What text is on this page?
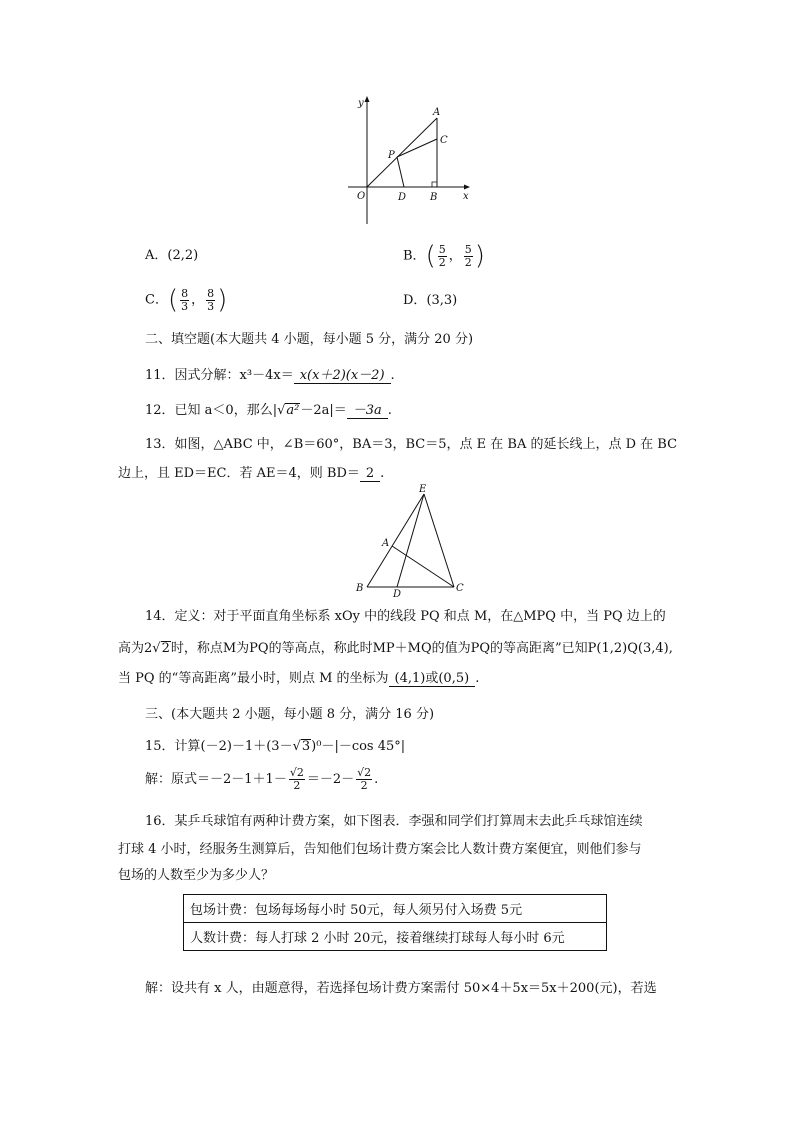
y
x
O
A
C
P
D B
A．(2,2)	B．( $\frac{5}{2}$ ， $\frac{5}{2}$ )
C．( $\frac{8}{3}$ ， $\frac{8}{3}$ )	D．(3,3)
二、填空题(本大题共 4 小题，每小题 5 分，满分 20 分)
11．因式分解：x³－4x＝ x(x＋2)(x－2) .
12．已知 a＜0，那么|√a²－2a|＝ －3a .
13．如图，△ABC 中，∠B＝60°，BA＝3，BC＝5，点 E 在 BA 的延长线上，点 D 在 BC
边上，且 ED＝EC．若 AE＝4，则 BD＝ 2 .
E
A
B
D
C
14．定义：对于平面直角坐标系 xOy 中的线段 PQ 和点 M，在△MPQ 中，当 PQ 边上的
高为2√2时，称点M为PQ的等高点，称此时MP＋MQ的值为PQ的等高距离”已知P(1,2)Q(3,4),
当 PQ 的“等高距离”最小时，则点 M 的坐标为 (4,1)或(0,5) .
三、(本大题共 2 小题，每小题 8 分，满分 16 分)
15．计算(－2)－1＋(3－√3)⁰－|－cos 45°|
解：原式$=-2-1+1- \frac{√2}{2} =-2- \frac{√2}{2}$ .
16．某乒乓球馆有两种计费方案，如下图表．李强和同学们打算周末去此乒乓球馆连续
打球 4 小时，经服务生测算后，告知他们包场计费方案会比人数计费方案便宜，则他们参与
包场的人数至少为多少人？
包场计费：包场每场每小时 50元，每人须另付入场费 5元
人数计费：每人打球 2 小时 20元，接着继续打球每人每小时 6元
解：设共有 x 人，由题意得，若选择包场计费方案需付 50×4＋5x＝5x＋200(元)，若选
